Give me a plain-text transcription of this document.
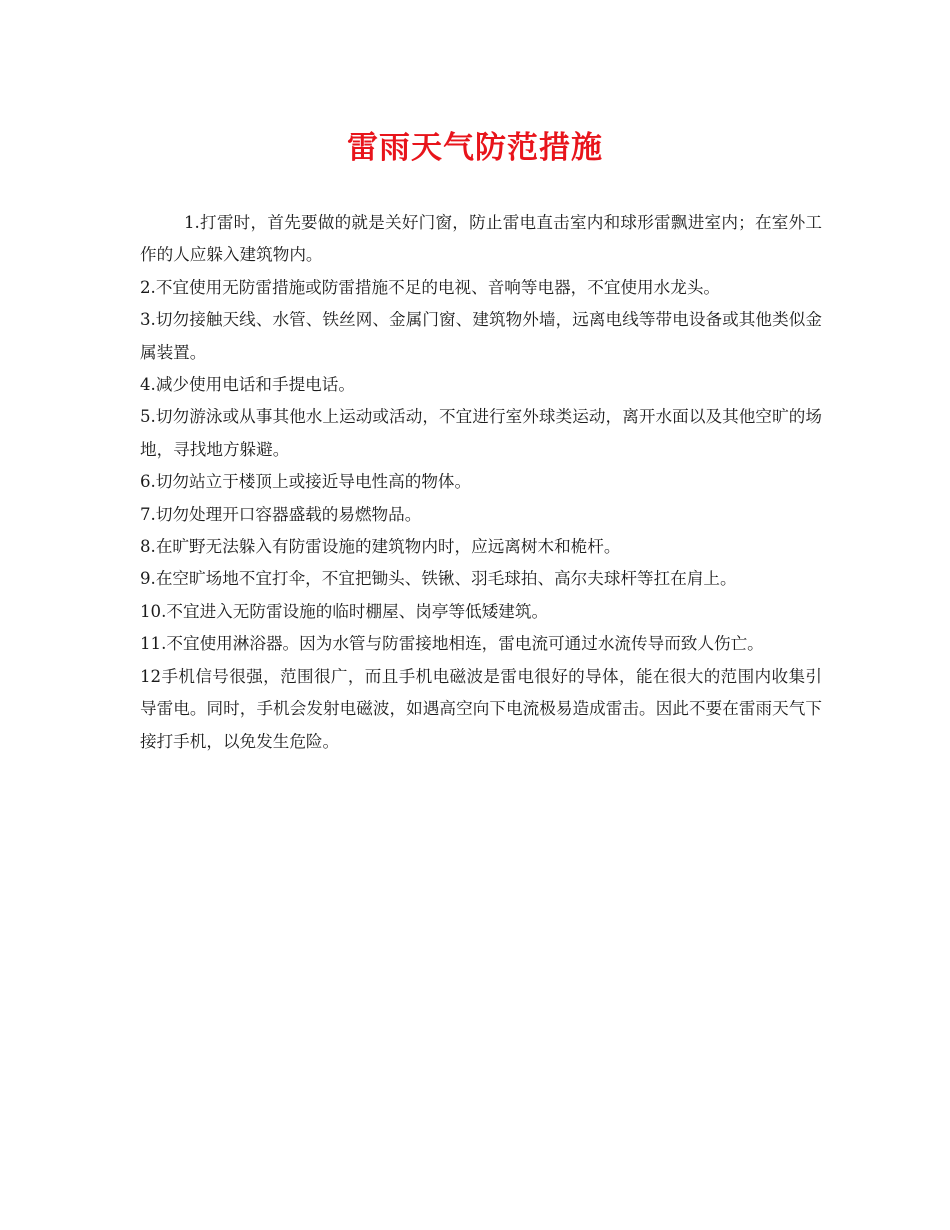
雷雨天气防范措施

1.打雷时，首先要做的就是关好门窗，防止雷电直击室内和球形雷飘进室内；在室外工作的人应躲入建筑物内。

2.不宜使用无防雷措施或防雷措施不足的电视、音响等电器，不宜使用水龙头。

3.切勿接触天线、水管、铁丝网、金属门窗、建筑物外墙，远离电线等带电设备或其他类似金属装置。

4.减少使用电话和手提电话。

5.切勿游泳或从事其他水上运动或活动，不宜进行室外球类运动，离开水面以及其他空旷的场地，寻找地方躲避。

6.切勿站立于楼顶上或接近导电性高的物体。

7.切勿处理开口容器盛载的易燃物品。

8.在旷野无法躲入有防雷设施的建筑物内时，应远离树木和桅杆。

9.在空旷场地不宜打伞，不宜把锄头、铁锹、羽毛球拍、高尔夫球杆等扛在肩上。

10.不宜进入无防雷设施的临时棚屋、岗亭等低矮建筑。

11.不宜使用淋浴器。因为水管与防雷接地相连，雷电流可通过水流传导而致人伤亡。

12手机信号很强，范围很广，而且手机电磁波是雷电很好的导体，能在很大的范围内收集引导雷电。同时，手机会发射电磁波，如遇高空向下电流极易造成雷击。因此不要在雷雨天气下接打手机，以免发生危险。
